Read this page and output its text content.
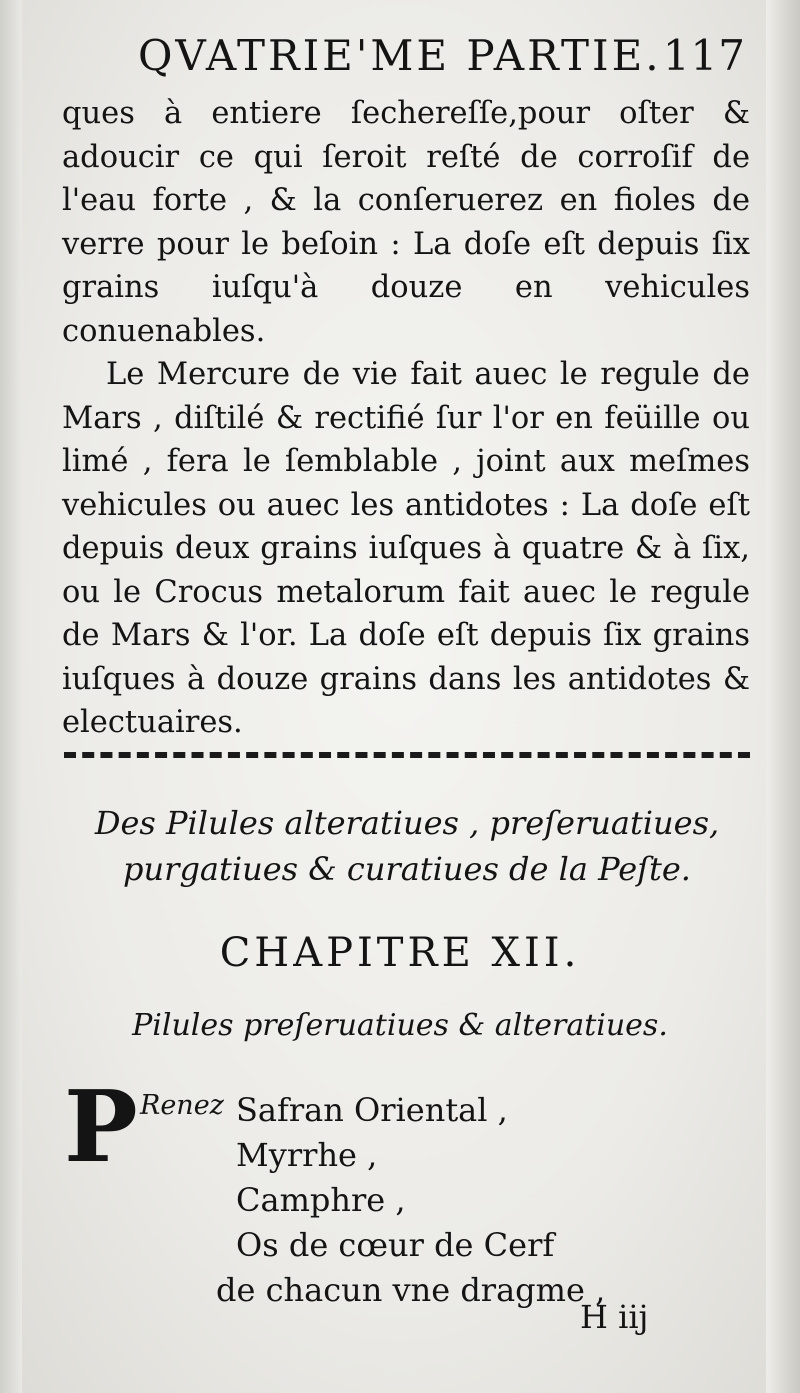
QVATRIE'ME PARTIE. 117

ques à entiere ſechereſſe,pour oſter & adoucir ce qui ſeroit reſté de corroſif de l'eau forte , & la conſeruerez en fioles de verre pour le beſoin : La doſe eſt depuis ſix grains iuſqu'à douze en vehicules conuenables.

Le Mercure de vie fait auec le regule de Mars , diſtilé & rectifié ſur l'or en feüille ou limé , fera le ſemblable , joint aux meſmes vehicules ou auec les antidotes : La doſe eſt depuis deux grains iuſques à quatre & à ſix, ou le Crocus metalorum fait auec le regule de Mars & l'or. La doſe eſt depuis ſix grains iuſques à douze grains dans les antidotes & electuaires.

Des Pilules alteratiues , preſeruatiues,
purgatiues & curatiues de la Peſte.
CHAPITRE XII.
Pilules preſeruatiues & alteratiues.
P Renez Safran Oriental ,
Myrrhe ,
Camphre ,
Os de cœur de Cerf
de chacun vne dragme ,
H iij
